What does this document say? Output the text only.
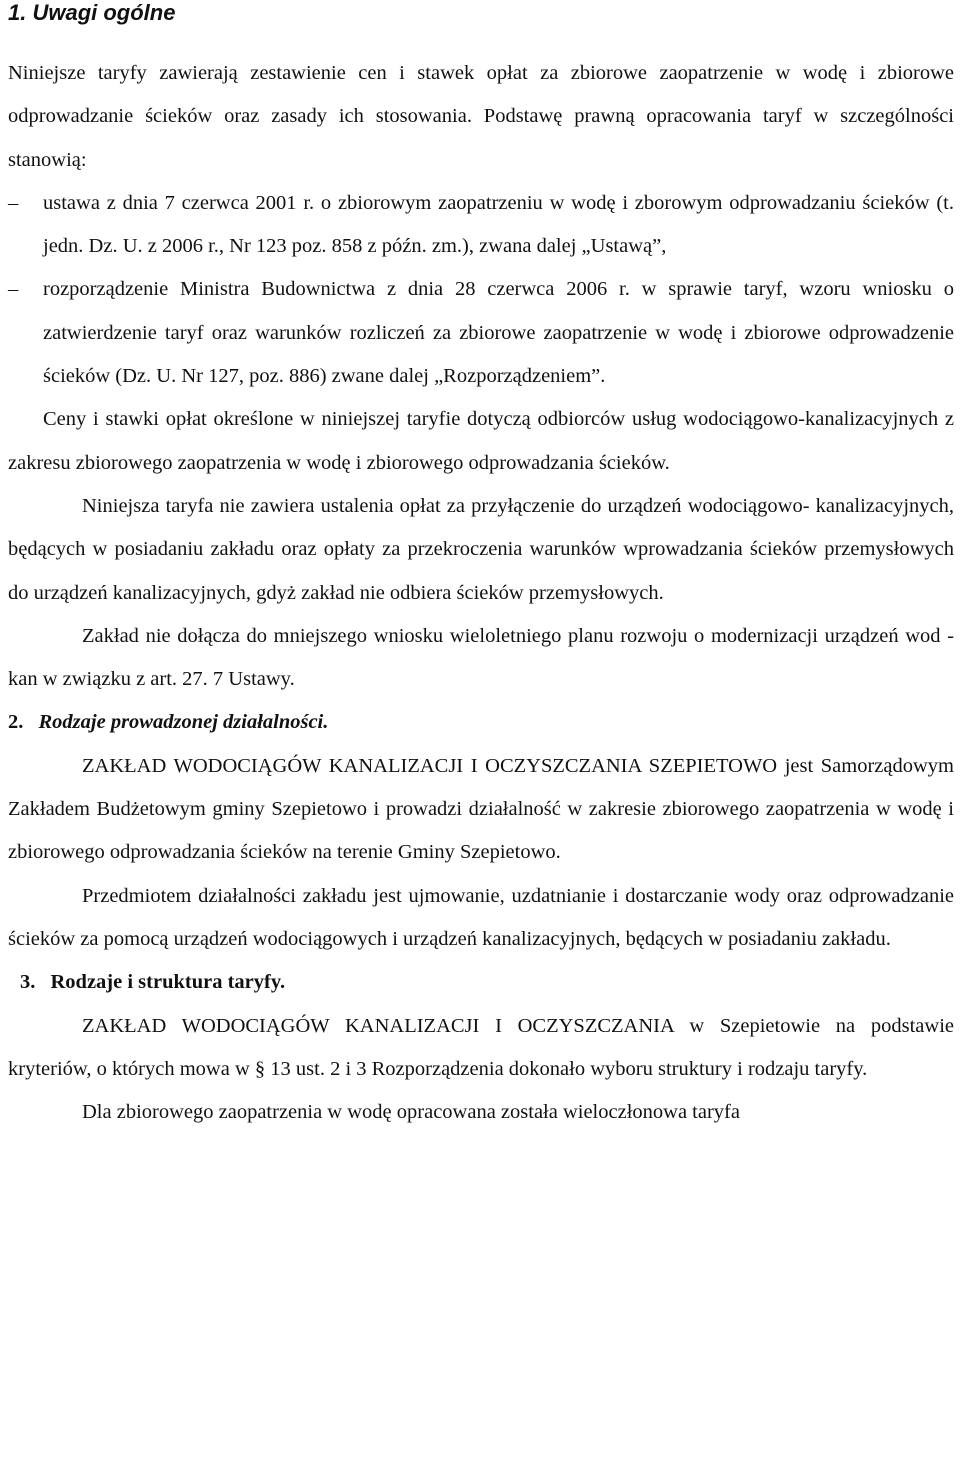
1. Uwagi ogólne

Niniejsze taryfy zawierają zestawienie cen i stawek opłat za zbiorowe zaopatrzenie w wodę i zbiorowe odprowadzanie ścieków oraz zasady ich stosowania. Podstawę prawną opracowania taryf w szczególności stanowią:

– ustawa z dnia 7 czerwca 2001 r. o zbiorowym zaopatrzeniu w wodę i zborowym odprowadzaniu ścieków (t. jedn. Dz. U. z 2006 r., Nr 123 poz. 858 z późn. zm.), zwana dalej „Ustawą”,
– rozporządzenie Ministra Budownictwa z dnia 28 czerwca 2006 r. w sprawie taryf, wzoru wniosku o zatwierdzenie taryf oraz warunków rozliczeń za zbiorowe zaopatrzenie w wodę i zbiorowe odprowadzenie ścieków (Dz. U. Nr 127, poz. 886) zwane dalej „Rozporządzeniem”.

Ceny i stawki opłat określone w niniejszej taryfie dotyczą odbiorców usług wodociągowo-kanalizacyjnych z zakresu zbiorowego zaopatrzenia w wodę i zbiorowego odprowadzania ścieków.

Niniejsza taryfa nie zawiera ustalenia opłat za przyłączenie do urządzeń wodociągowo- kanalizacyjnych, będących w posiadaniu zakładu oraz opłaty za przekroczenia warunków wprowadzania ścieków przemysłowych do urządzeń kanalizacyjnych, gdyż zakład nie odbiera ścieków przemysłowych.

Zakład nie dołącza do mniejszego wniosku wieloletniego planu rozwoju o modernizacji urządzeń wod - kan w związku z art. 27. 7 Ustawy.

2. Rodzaje prowadzonej działalności.

ZAKŁAD WODOCIĄGÓW KANALIZACJI I OCZYSZCZANIA SZEPIETOWO jest Samorządowym Zakładem Budżetowym gminy Szepietowo i prowadzi działalność w zakresie zbiorowego zaopatrzenia w wodę i zbiorowego odprowadzania ścieków na terenie Gminy Szepietowo.

Przedmiotem działalności zakładu jest ujmowanie, uzdatnianie i dostarczanie wody oraz odprowadzanie ścieków za pomocą urządzeń wodociągowych i urządzeń kanalizacyjnych, będących w posiadaniu zakładu.

3. Rodzaje i struktura taryfy.

ZAKŁAD WODOCIĄGÓW KANALIZACJI I OCZYSZCZANIA w Szepietowie na podstawie kryteriów, o których mowa w § 13 ust. 2 i 3 Rozporządzenia dokonało wyboru struktury i rodzaju taryfy.

Dla zbiorowego zaopatrzenia w wodę opracowana została wieloczłonowa taryfa
